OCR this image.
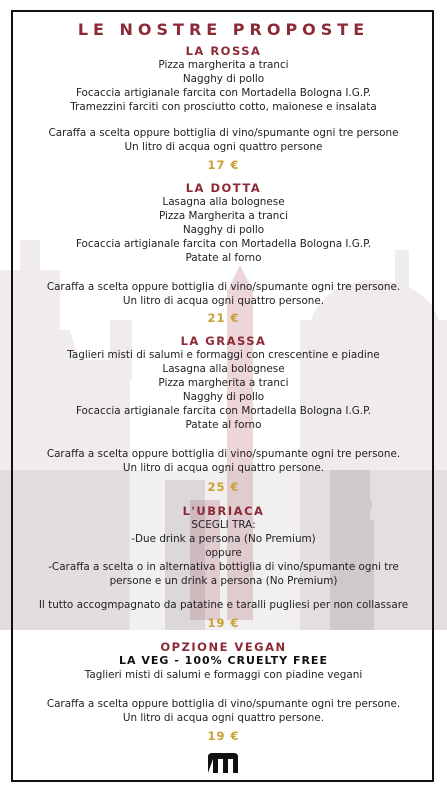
LE NOSTRE PROPOSTE
LA ROSSA
Pizza margherita a tranci
Nagghy di pollo
Focaccia artigianale farcita con Mortadella Bologna I.G.P.
Tramezzini farciti con prosciutto cotto, maionese e insalata
Caraffa a scelta oppure bottiglia di vino/spumante ogni tre persone
Un litro di acqua ogni quattro persone
17 €
LA DOTTA
Lasagna alla bolognese
Pizza Margherita a tranci
Nagghy di pollo
Focaccia artigianale farcita con Mortadella Bologna I.G.P.
Patate al forno
Caraffa a scelta oppure bottiglia di vino/spumante ogni tre persone.
Un litro di acqua ogni quattro persone.
21 €
LA GRASSA
Taglieri misti di salumi e formaggi con crescentine e piadine
Lasagna alla bolognese
Pizza margherita a tranci
Nagghy di pollo
Focaccia artigianale farcita con Mortadella Bologna I.G.P.
Patate al forno
Caraffa a scelta oppure bottiglia di vino/spumante ogni tre persone.
Un litro di acqua ogni quattro persone.
25 €
L'UBRIACA
SCEGLI TRA:
-Due drink a persona (No Premium)
oppure
-Caraffa a scelta o in alternativa bottiglia di vino/spumante ogni tre
persone e un drink a persona (No Premium)
Il tutto accogmpagnato da patatine e taralli pugliesi per non collassare
19 €
OPZIONE VEGAN
LA VEG - 100% CRUELTY FREE
Taglieri misti di salumi e formaggi con piadine vegani
Caraffa a scelta oppure bottiglia di vino/spumante ogni tre persone.
Un litro di acqua ogni quattro persone.
19 €
